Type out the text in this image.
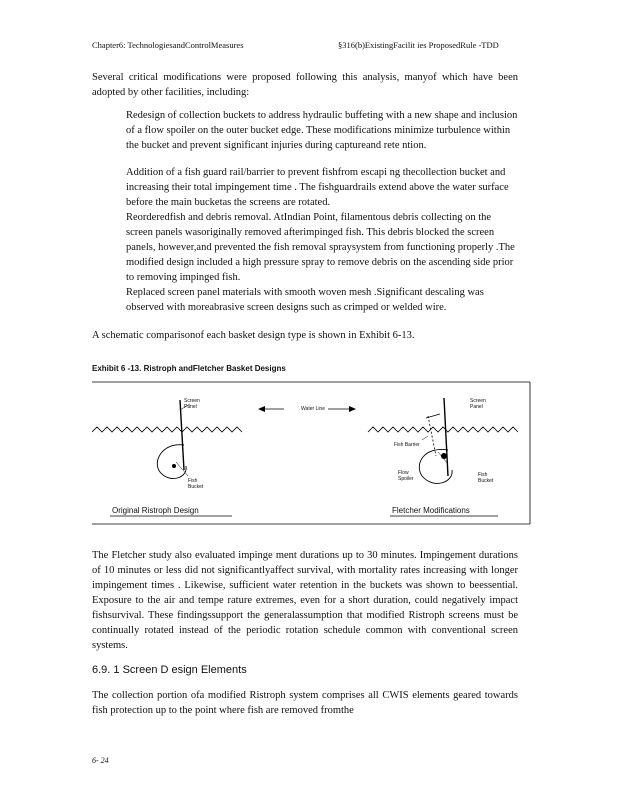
Chapter6: TechnologiesandControlMeasures	§316(b)ExistingFacilit ies ProposedRule -TDD
Several critical modifications were proposed following this analysis, manyof which have been adopted by other facilities, including:
Redesign of collection buckets to address hydraulic buffeting with a new shape and inclusion of a flow spoiler on the outer bucket edge. These modifications minimize turbulence within the bucket and prevent significant injuries during captureand rete ntion.
Addition of a fish guard rail/barrier to prevent fishfrom escapi ng thecollection bucket and increasing their total impingement time . The fishguardrails extend above the water surface before the main bucketas the screens are rotated.
Reorderedfish and debris removal. AtIndian Point, filamentous debris collecting on the screen panels wasoriginally removed afterimpinged fish. This debris blocked the screen panels, however,and prevented the fish removal spraysystem from functioning properly .The modified design included a high pressure spray to remove debris on the ascending side prior to removing impinged fish.
Replaced screen panel materials with smooth woven mesh .Significant descaling was observed with moreabrasive screen designs such as crimped or welded wire.
A schematic comparisonof each basket design type is shown in Exhibit 6-13.
Exhibit 6 -13. Ristroph andFletcher Basket Designs
Screen Panel
Fish Bucket
Water Line
Screen Panel
Fish Barrier
Flow Spoiler
Fish Bucket
Original Ristroph Design	Fletcher Modifications
The Fletcher study also evaluated impinge ment durations up to 30 minutes. Impingement durations of 10 minutes or less did not significantlyaffect survival, with mortality rates increasing with longer impingement times . Likewise, sufficient water retention in the buckets was shown to beessential. Exposure to the air and tempe rature extremes, even for a short duration, could negatively impact fishsurvival. These findingssupport the generalassumption that modified Ristroph screens must be continually rotated instead of the periodic rotation schedule common with conventional screen systems.
6.9. 1 Screen D esign Elements
The collection portion ofa modified Ristroph system comprises all CWIS elements geared towards fish protection up to the point where fish are removed fromthe
6- 24
